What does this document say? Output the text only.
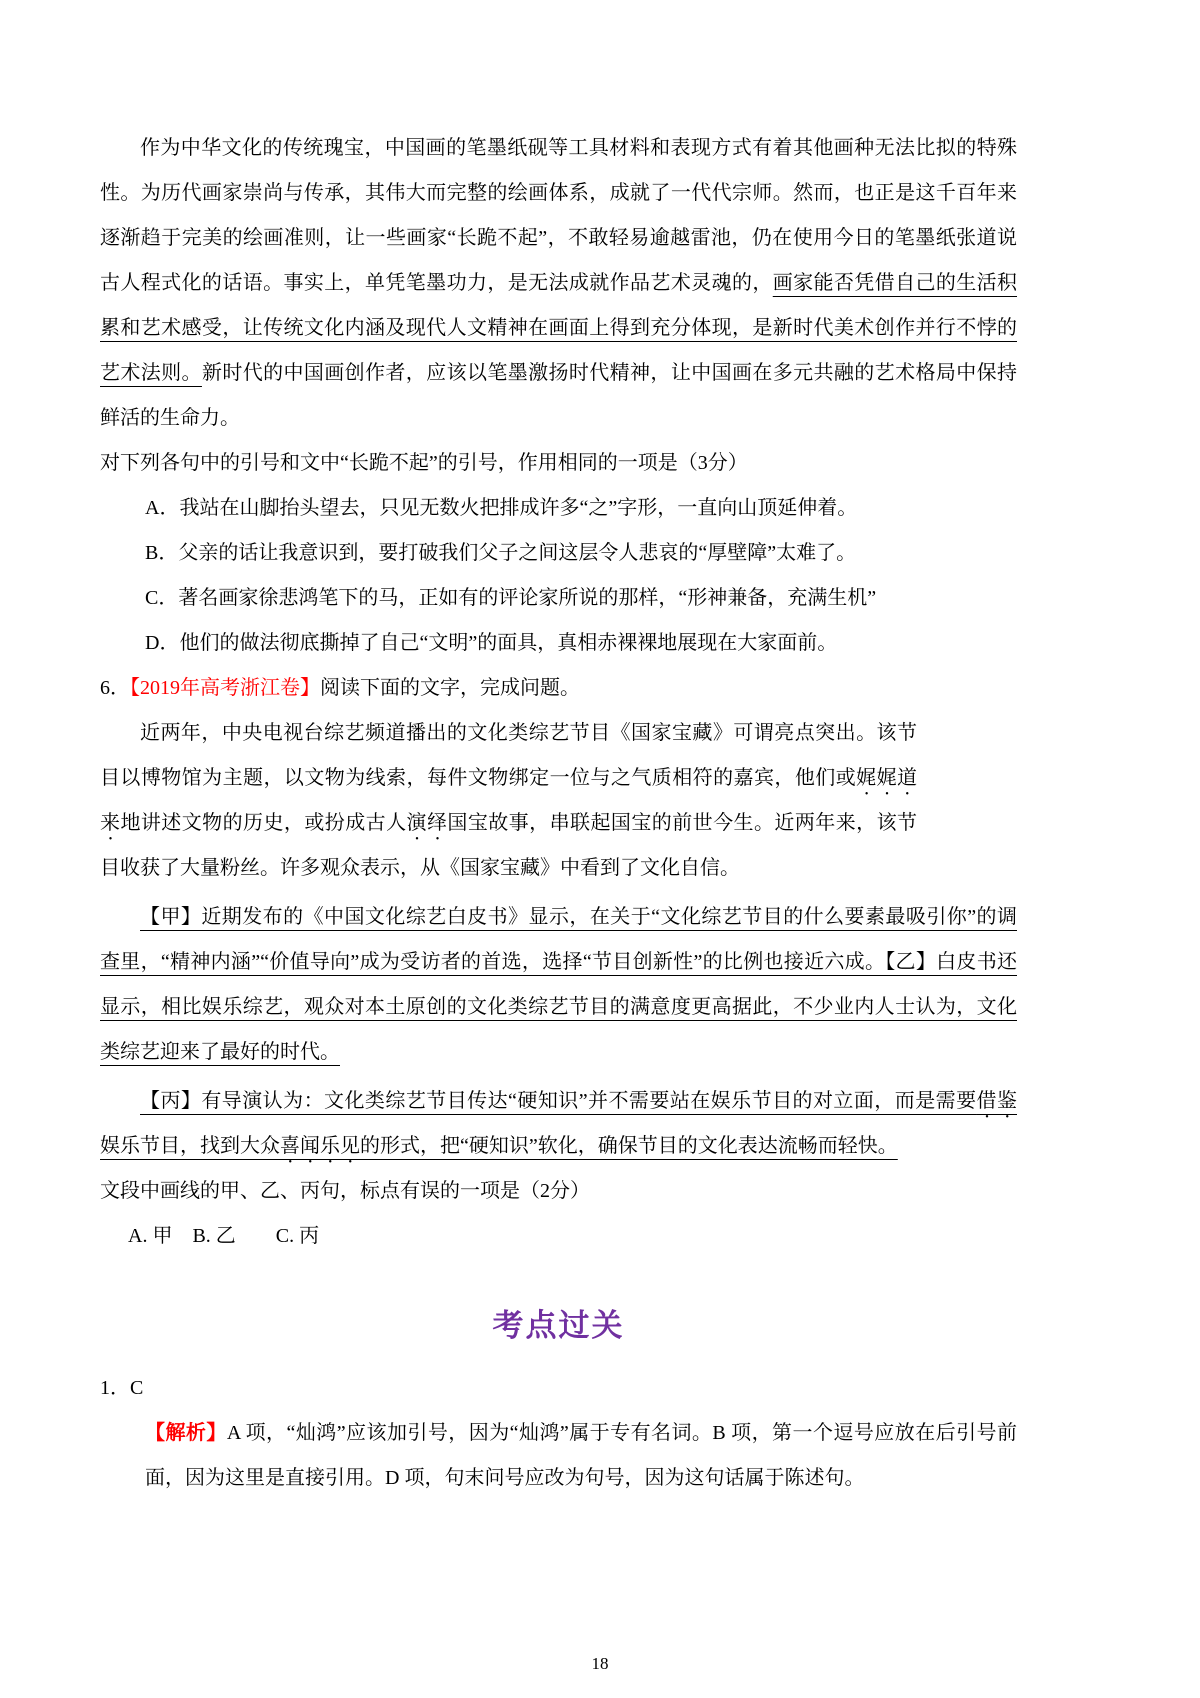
作为中华文化的传统瑰宝，中国画的笔墨纸砚等工具材料和表现方式有着其他画种无法比拟的特殊性。为历代画家崇尚与传承，其伟大而完整的绘画体系，成就了一代代宗师。然而，也正是这千百年来逐渐趋于完美的绘画准则，让一些画家“长跪不起”，不敢轻易逾越雷池，仍在使用今日的笔墨纸张道说古人程式化的话语。事实上，单凭笔墨功力，是无法成就作品艺术灵魂的，画家能否凭借自己的生活积累和艺术感受，让传统文化内涵及现代人文精神在画面上得到充分体现，是新时代美术创作并行不悖的艺术法则。新时代的中国画创作者，应该以笔墨激扬时代精神，让中国画在多元共融的艺术格局中保持鲜活的生命力。

对下列各句中的引号和文中“长跪不起”的引号，作用相同的一项是（3分）

A．我站在山脚抬头望去，只见无数火把排成许多“之”字形，一直向山顶延伸着。

B．父亲的话让我意识到，要打破我们父子之间这层令人悲哀的“厚壁障”太难了。

C．著名画家徐悲鸿笔下的马，正如有的评论家所说的那样，“形神兼备，充满生机”

D．他们的做法彻底撕掉了自己“文明”的面具，真相赤裸裸地展现在大家面前。

6．【2019年高考浙江卷】阅读下面的文字，完成问题。

近两年，中央电视台综艺频道播出的文化类综艺节目《国家宝藏》可谓亮点突出。该节目以博物馆为主题，以文物为线索，每件文物绑定一位与之气质相符的嘉宾，他们或娓娓道来地讲述文物的历史，或扮成古人演绎国宝故事，串联起国宝的前世今生。近两年来，该节目收获了大量粉丝。许多观众表示，从《国家宝藏》中看到了文化自信。

【甲】近期发布的《中国文化综艺白皮书》显示，在关于“文化综艺节目的什么要素最吸引你”的调查里，“精神内涵”“价值导向”成为受访者的首选，选择“节目创新性”的比例也接近六成。【乙】白皮书还显示，相比娱乐综艺，观众对本土原创的文化类综艺节目的满意度更高据此，不少业内人士认为，文化类综艺迎来了最好的时代。

【丙】有导演认为：文化类综艺节目传达“硬知识”并不需要站在娱乐节目的对立面，而是需要借鉴娱乐节目，找到大众喜闻乐见的形式，把“硬知识”软化，确保节目的文化表达流畅而轻快。

文段中画线的甲、乙、丙句，标点有误的一项是（2分）

A. 甲　B. 乙　　C. 丙

考点过关

1．C

【解析】A 项，“灿鸿”应该加引号，因为“灿鸿”属于专有名词。B 项，第一个逗号应放在后引号前面，因为这里是直接引用。D 项，句末问号应改为句号，因为这句话属于陈述句。

18
